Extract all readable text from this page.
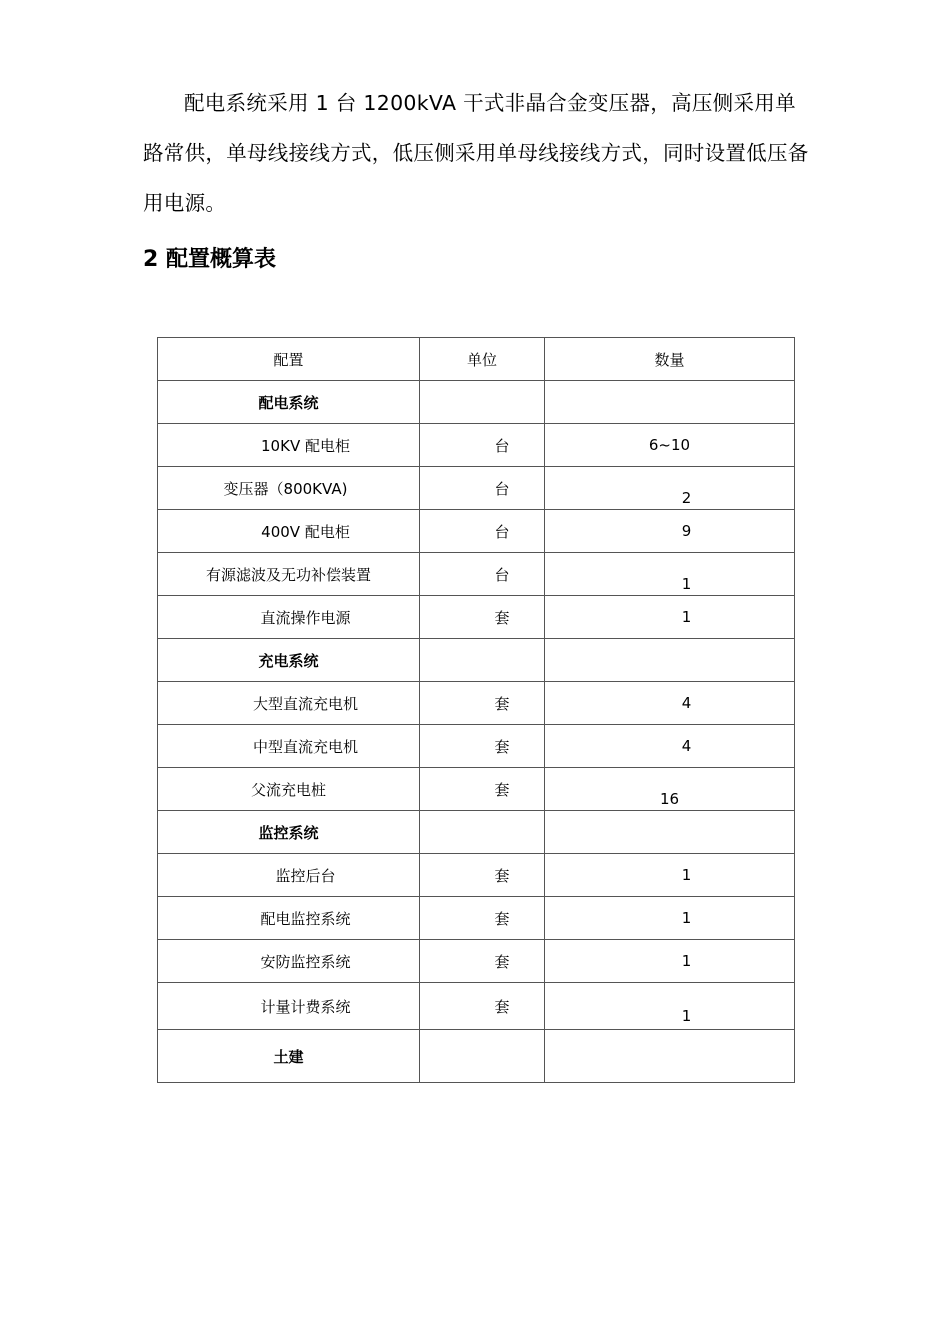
配电系统采用 1 台 1200kVA 干式非晶合金变压器，高压侧采用单路常供，单母线接线方式，低压侧采用单母线接线方式，同时设置低压备用电源。

2 配置概算表
配置	单位	数量
配电系统		
10KV 配电柜	台	6~10
变压器（800KVA)	台	2
400V 配电柜	台	9
有源滤波及无功补偿装置	台	1
直流操作电源	套	1
充电系统		
大型直流充电机	套	4
中型直流充电机	套	4
父流充电桩	套	16
监控系统		
监控后台	套	1
配电监控系统	套	1
安防监控系统	套	1
计量计费系统	套	1
土建		
